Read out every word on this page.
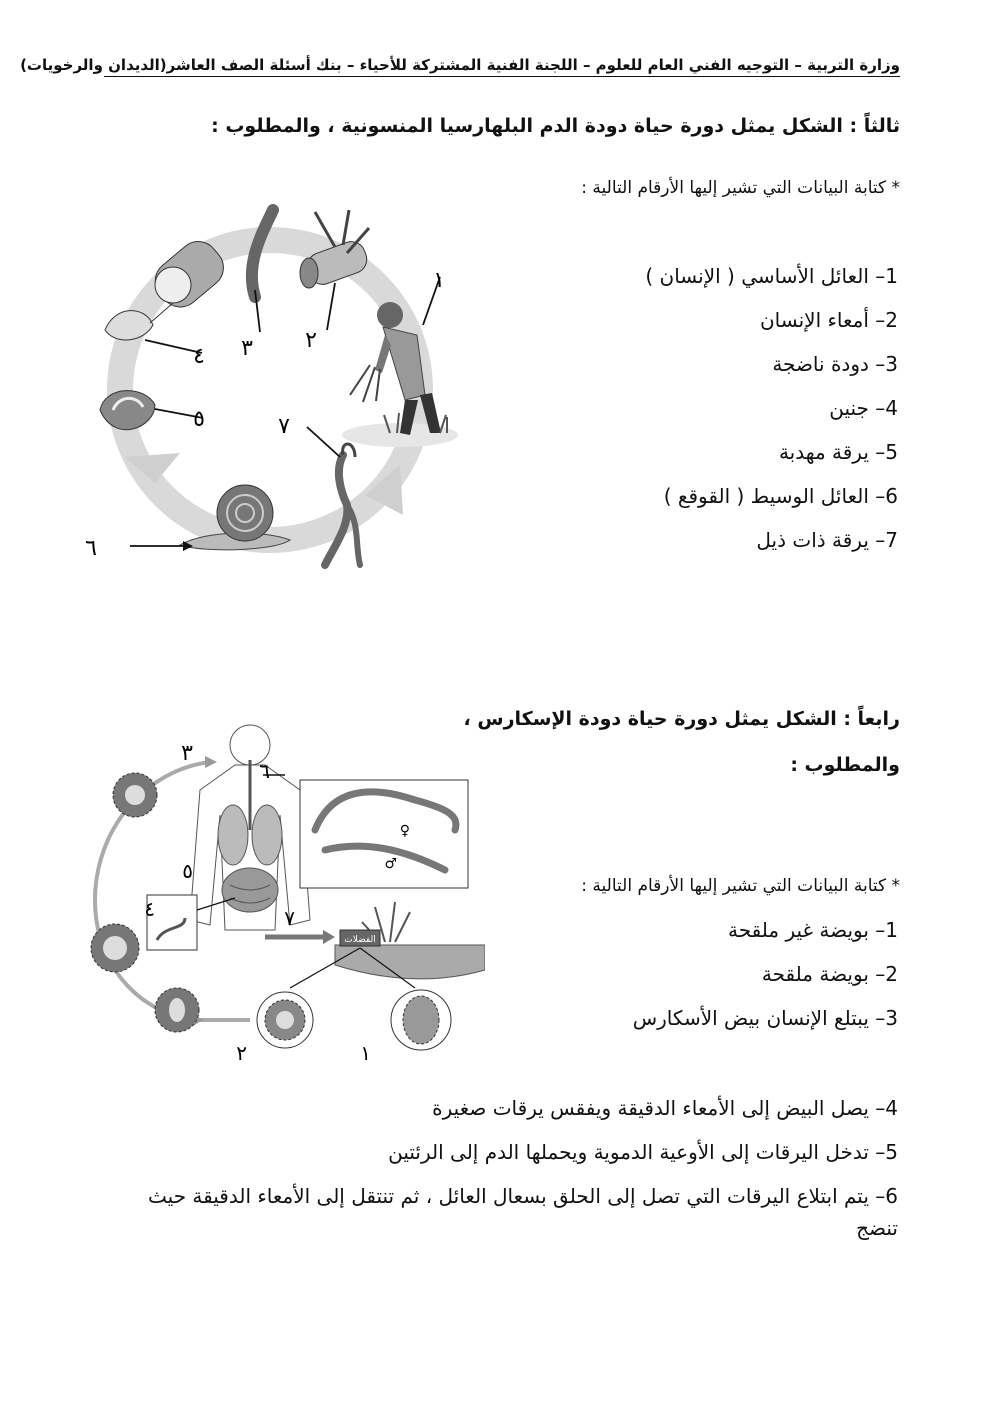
وزارة التربية – التوجيه الفني العام للعلوم – اللجنة الفنية المشتركة للأحياء – بنك أسئلة الصف العاشر(الديدان والرخويات)
ثالثاً : الشكل يمثل دورة حياة دودة الدم البلهارسيا المنسونية ، والمطلوب :
* كتابة البيانات التي تشير إليها الأرقام التالية :
1– العائل الأساسي ( الإنسان )
2– أمعاء الإنسان
3– دودة ناضجة
4– جنين
5– يرقة مهدبة
6– العائل الوسيط ( القوقع )
7– يرقة ذات ذيل
١
٢
٣
٤
٥
٦
٧
رابعاً : الشكل يمثل دورة حياة دودة الإسكارس ،
والمطلوب :
* كتابة البيانات التي تشير إليها الأرقام التالية :
1– بويضة غير ملقحة
2– بويضة ملقحة
3– يبتلع الإنسان بيض الأسكارس
4– يصل البيض إلى الأمعاء الدقيقة ويفقس يرقات صغيرة
5– تدخل اليرقات إلى الأوعية الدموية ويحملها الدم إلى الرئتين
6– يتم ابتلاع اليرقات التي تصل إلى الحلق بسعال العائل ، ثم تنتقل إلى الأمعاء الدقيقة حيث تنضج
٣
٦
٥
٤
♀
♂
٧
الفضلات
٢	١
